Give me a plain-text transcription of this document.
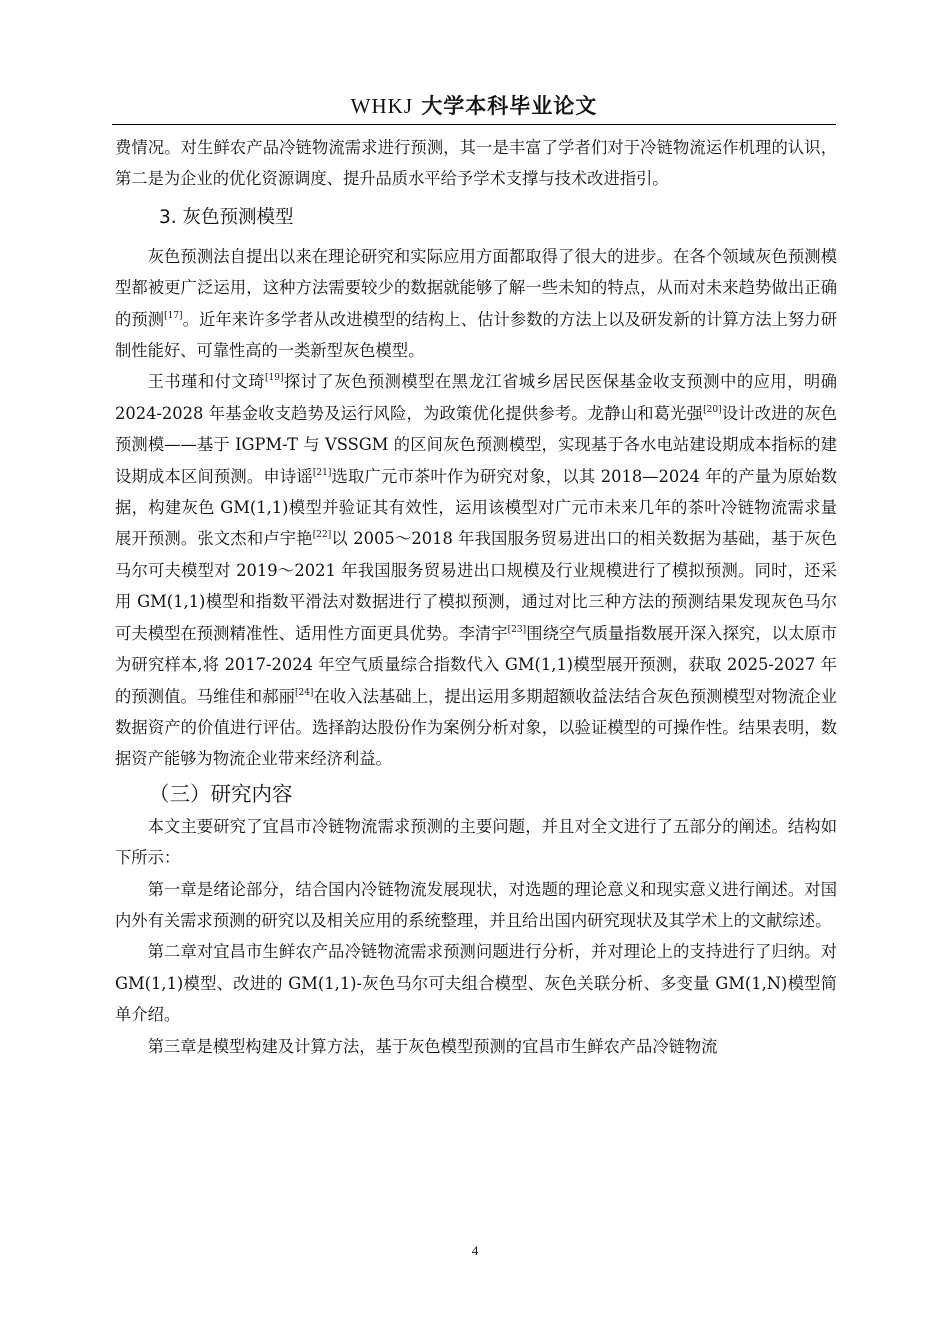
WHKJ 大学本科毕业论文

费情况。对生鲜农产品冷链物流需求进行预测，其一是丰富了学者们对于冷链物流运作机理的认识，第二是为企业的优化资源调度、提升品质水平给予学术支撑与技术改进指引。

3. 灰色预测模型

灰色预测法自提出以来在理论研究和实际应用方面都取得了很大的进步。在各个领域灰色预测模型都被更广泛运用，这种方法需要较少的数据就能够了解一些未知的特点，从而对未来趋势做出正确的预测[17]。近年来许多学者从改进模型的结构上、估计参数的方法上以及研发新的计算方法上努力研制性能好、可靠性高的一类新型灰色模型。

王书瑾和付文琦[19]探讨了灰色预测模型在黑龙江省城乡居民医保基金收支预测中的应用，明确 2024-2028 年基金收支趋势及运行风险，为政策优化提供参考。龙静山和葛光强[20]设计改进的灰色预测模——基于 IGPM-T 与 VSSGM 的区间灰色预测模型，实现基于各水电站建设期成本指标的建设期成本区间预测。申诗谣[21]选取广元市茶叶作为研究对象，以其 2018—2024 年的产量为原始数据，构建灰色 GM(1,1)模型并验证其有效性，运用该模型对广元市未来几年的茶叶冷链物流需求量展开预测。张文杰和卢宇艳[22]以 2005～2018 年我国服务贸易进出口的相关数据为基础，基于灰色马尔可夫模型对 2019～2021 年我国服务贸易进出口规模及行业规模进行了模拟预测。同时，还采用 GM(1,1)模型和指数平滑法对数据进行了模拟预测，通过对比三种方法的预测结果发现灰色马尔可夫模型在预测精准性、适用性方面更具优势。李清宇[23]围绕空气质量指数展开深入探究，以太原市为研究样本,将 2017-2024 年空气质量综合指数代入 GM(1,1)模型展开预测，获取 2025-2027 年的预测值。马维佳和郝丽[24]在收入法基础上，提出运用多期超额收益法结合灰色预测模型对物流企业数据资产的价值进行评估。选择韵达股份作为案例分析对象，以验证模型的可操作性。结果表明，数据资产能够为物流企业带来经济利益。

（三）研究内容

本文主要研究了宜昌市冷链物流需求预测的主要问题，并且对全文进行了五部分的阐述。结构如下所示：

第一章是绪论部分，结合国内冷链物流发展现状，对选题的理论意义和现实意义进行阐述。对国内外有关需求预测的研究以及相关应用的系统整理，并且给出国内研究现状及其学术上的文献综述。

第二章对宜昌市生鲜农产品冷链物流需求预测问题进行分析，并对理论上的支持进行了归纳。对 GM(1,1)模型、改进的 GM(1,1)-灰色马尔可夫组合模型、灰色关联分析、多变量 GM(1,N)模型简单介绍。

第三章是模型构建及计算方法，基于灰色模型预测的宜昌市生鲜农产品冷链物流

4
